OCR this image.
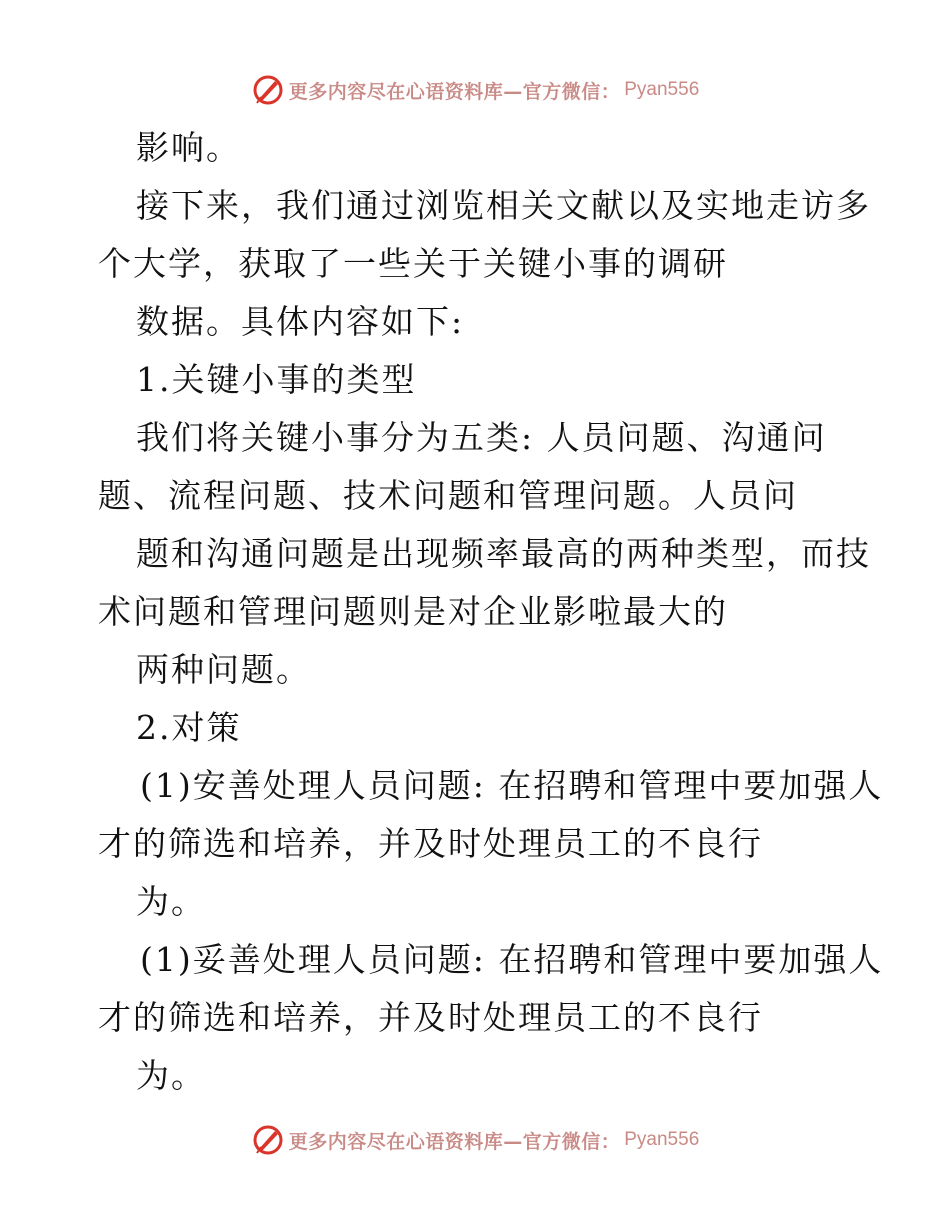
更多内容尽在心语资料库—官方微信： Pyan556
影响。
接下来，我们通过浏览相关文献以及实地走访多
个大学，获取了一些关于关键小事的调研
数据。具体内容如下:
1.关键小事的类型
我们将关键小事分为五类: 人员问题、沟通问
题、流程问题、技术问题和管理问题。人员问
题和沟通问题是出现频率最高的两种类型，而技
术问题和管理问题则是对企业影啦最大的
两种问题。
2.对策
(1)安善处理人员问题: 在招聘和管理中要加强人
才的筛选和培养，并及时处理员工的不良行
为。
(1)妥善处理人员问题: 在招聘和管理中要加强人
才的筛选和培养，并及时处理员工的不良行
为。
更多内容尽在心语资料库—官方微信： Pyan556
